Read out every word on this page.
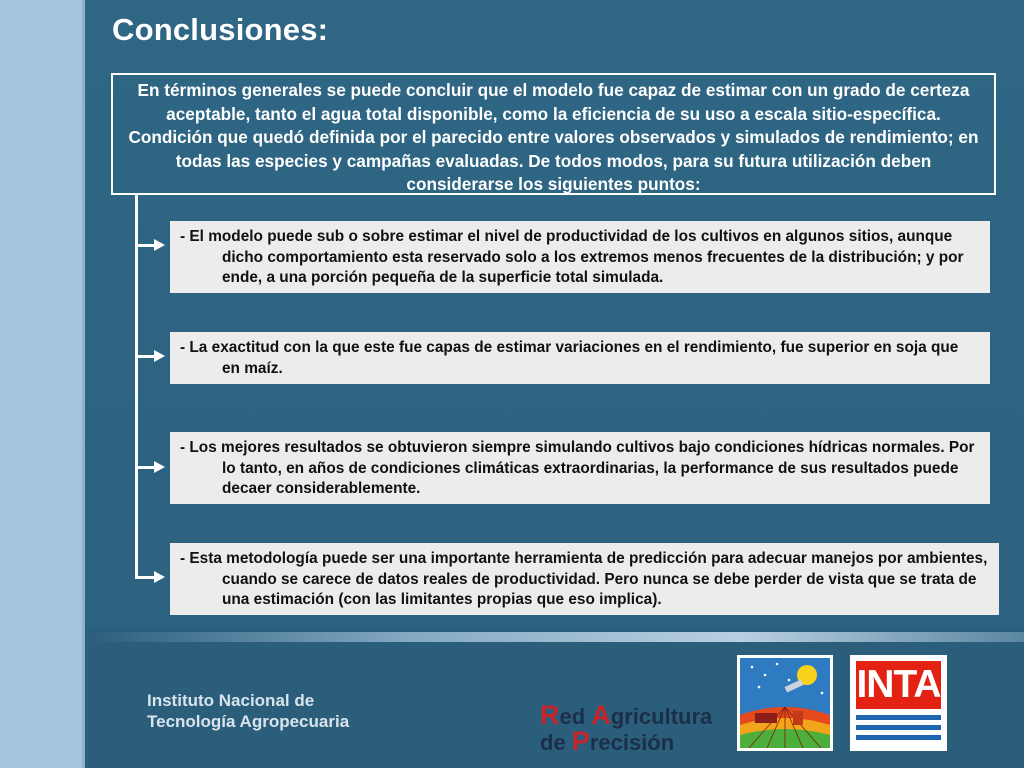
Conclusiones:
En términos generales se puede concluir que el modelo fue capaz de estimar con un grado de certeza aceptable, tanto el agua total disponible, como la eficiencia de su uso a escala sitio-específica. Condición que quedó definida por el parecido entre valores observados y simulados de rendimiento; en todas las especies y campañas evaluadas. De todos modos, para su futura utilización deben considerarse los siguientes puntos:
- El modelo puede sub o sobre estimar el nivel de productividad de los cultivos en algunos sitios, aunque dicho comportamiento esta reservado solo a los extremos menos frecuentes de la distribución; y por ende, a una porción pequeña de la superficie total simulada.
- La exactitud con la que este fue capas de estimar variaciones en el rendimiento, fue superior en soja que en maíz.
- Los mejores resultados se obtuvieron siempre simulando cultivos bajo condiciones hídricas normales. Por lo tanto, en años de condiciones climáticas extraordinarias, la performance de sus resultados puede decaer considerablemente.
- Esta metodología puede ser una importante herramienta de predicción para adecuar manejos por ambientes, cuando se carece de datos reales de productividad. Pero nunca se debe perder de vista que se trata de una estimación (con las limitantes propias que eso implica).
Instituto Nacional de
Tecnología Agropecuaria	Red Agricultura
de Precisión
INTA
